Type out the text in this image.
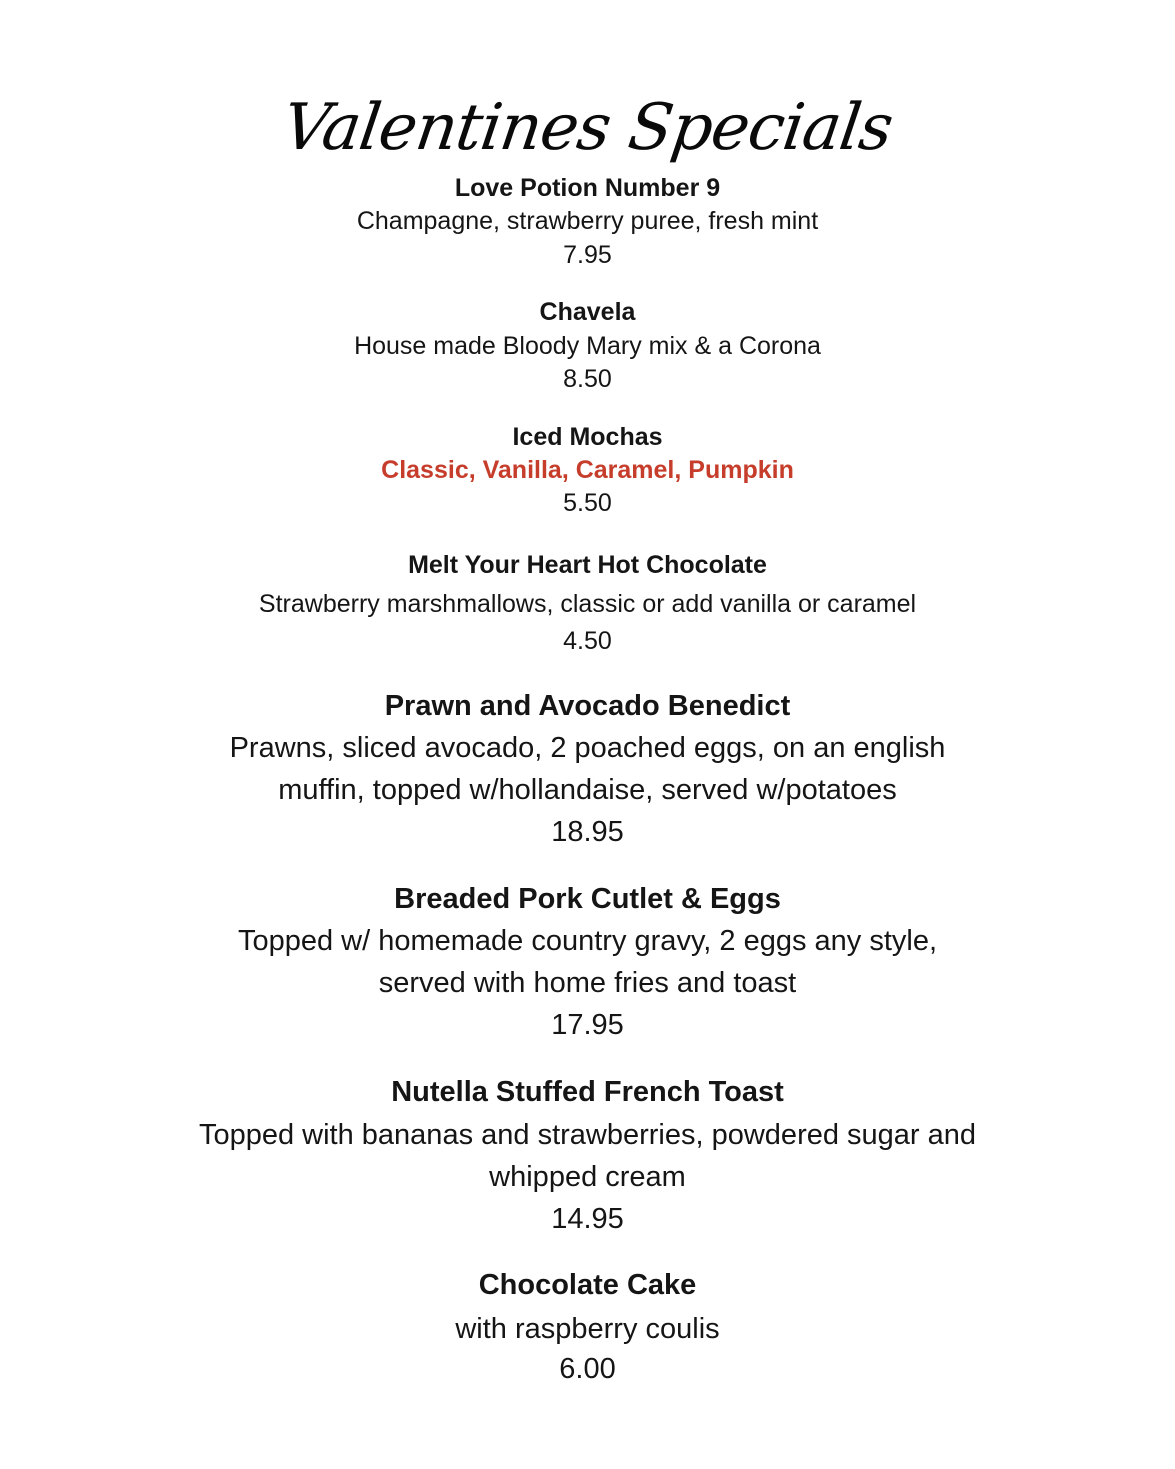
Valentines Specials
Love Potion Number 9
Champagne, strawberry puree, fresh mint
7.95
Chavela
House made Bloody Mary mix & a Corona
8.50
Iced Mochas
Classic, Vanilla, Caramel, Pumpkin
5.50
Melt Your Heart Hot Chocolate
Strawberry marshmallows, classic or add vanilla or caramel
4.50
Prawn and Avocado Benedict
Prawns, sliced avocado, 2 poached eggs, on an english
muffin, topped w/hollandaise, served w/potatoes
18.95
Breaded Pork Cutlet & Eggs
Topped w/ homemade country gravy, 2 eggs any style,
served with home fries and toast
17.95
Nutella Stuffed French Toast
Topped with bananas and strawberries, powdered sugar and
whipped cream
14.95
Chocolate Cake
with raspberry coulis
6.00
